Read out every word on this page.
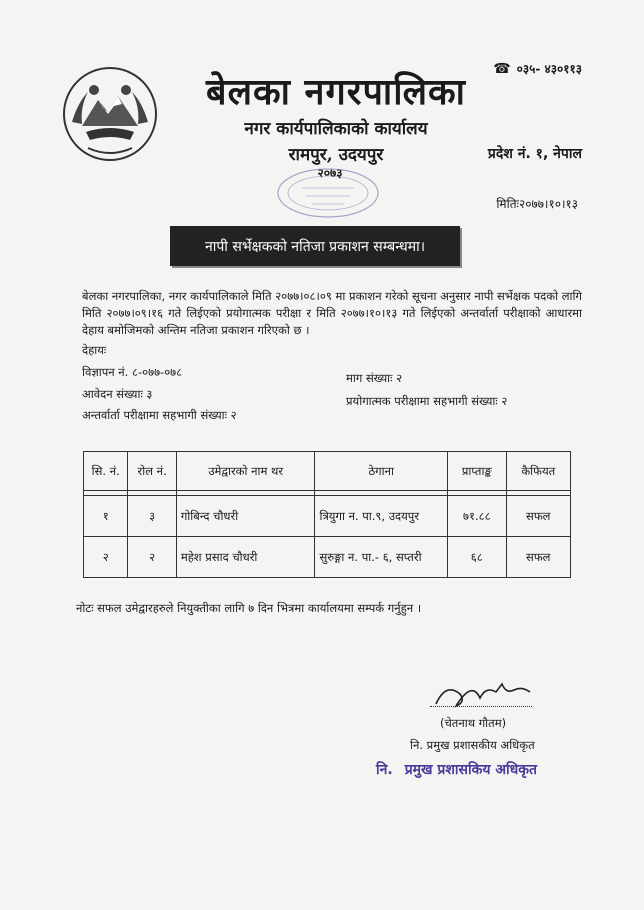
बेलका नगरपालिका
नगर कार्यपालिकाको कार्यालय
रामपुर, उदयपुर
२०७३
☎ ०३५- ४३०११३
प्रदेश नं. १, नेपाल
मितिः२०७७।१०।१३
नापी सर्भेक्षकको नतिजा प्रकाशन सम्बन्धमा।
बेलका नगरपालिका, नगर कार्यपालिकाले मिति २०७७।०८।०९ मा प्रकाशन गरेको सूचना अनुसार नापी सर्भेक्षक पदको लागि मिति २०७७।०९।१६ गते लिईएको प्रयोगात्मक परीक्षा र मिति २०७७।१०।१३ गते लिईएको अन्तर्वार्ता परीक्षाको आधारमा देहाय बमोजिमको अन्तिम नतिजा प्रकाशन गरिएको छ ।
देहायः
विज्ञापन नं. ८-०७७-०७८
आवेदन संख्याः ३
अन्तर्वार्ता परीक्षामा सहभागी संख्याः २
माग संख्याः २
प्रयोगात्मक परीक्षामा सहभागी संख्याः २
सि. नं.	रोल नं.	उमेद्वारको नाम थर	ठेगाना	प्राप्ताङ्क	कैफियत

१	३	गोबिन्द चौधरी	त्रियुगा न. पा.९, उदयपुर	७१.८८	सफल
२	२	महेश प्रसाद चौधरी	सुरुङ्गा न. पा.- ६, सप्तरी	६८	सफल
नोटः सफल उमेद्वारहरुले नियुक्तीका लागि ७ दिन भित्रमा कार्यालयमा सम्पर्क गर्नुहुन ।
(चेतनाथ गौतम)
नि. प्रमुख प्रशासकीय अधिकृत
नि. प्रमुख प्रशासकिय अधिकृत
